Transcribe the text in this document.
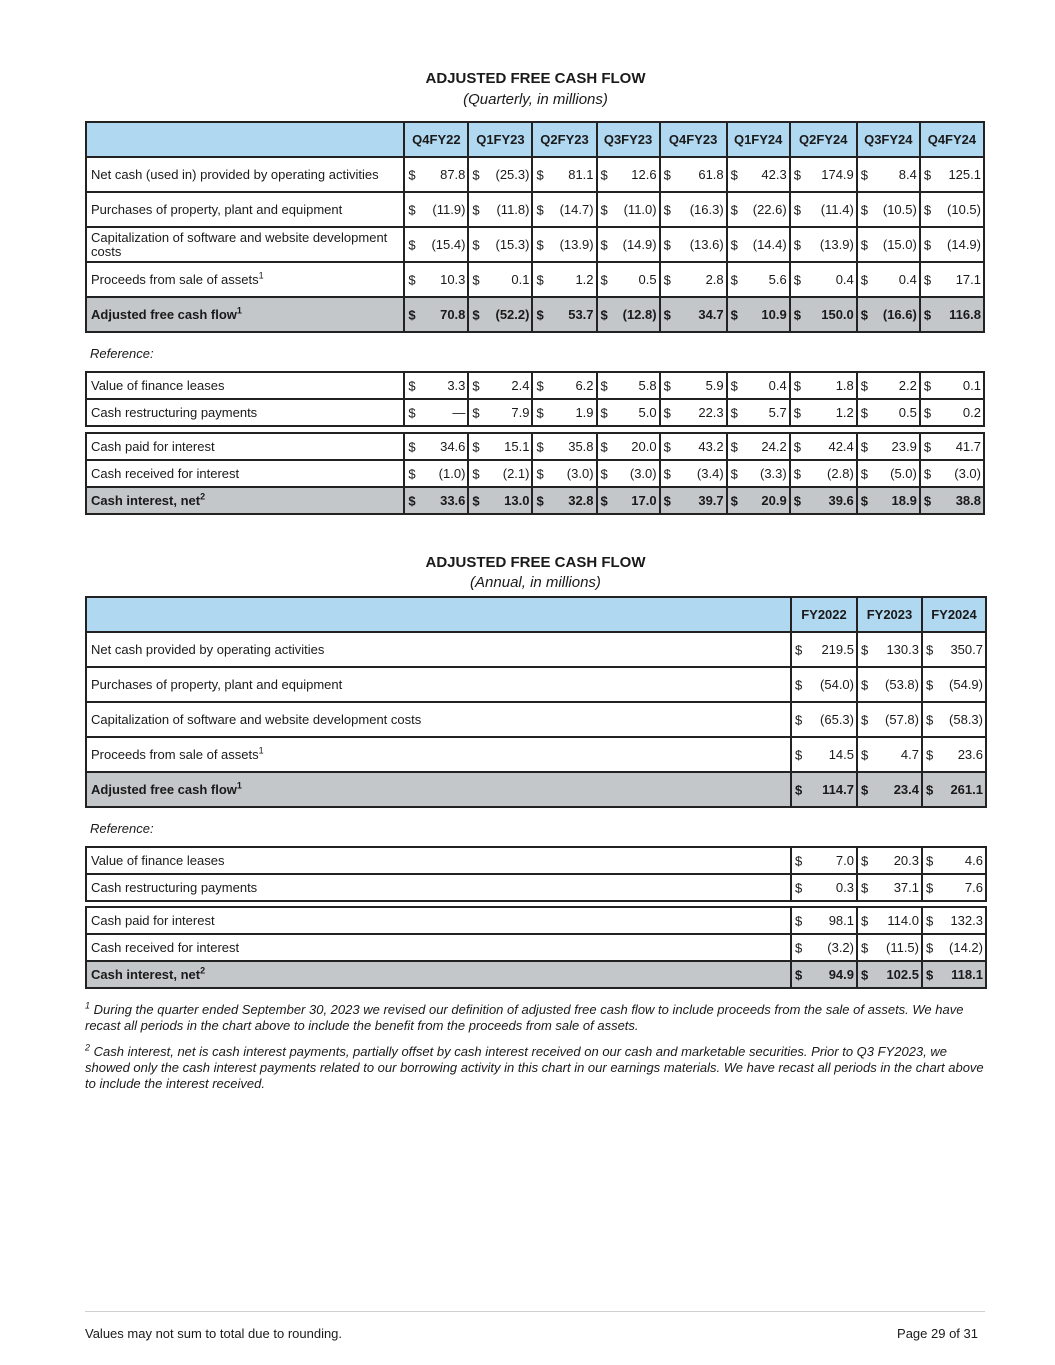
ADJUSTED FREE CASH FLOW
(Quarterly, in millions)
	Q4FY22	Q1FY23	Q2FY23	Q3FY23	Q4FY23	Q1FY24	Q2FY24	Q3FY24	Q4FY24
Net cash (used in) provided by operating activities	$ 87.8	$ (25.3)	$ 81.1	$ 12.6	$ 61.8	$ 42.3	$ 174.9	$ 8.4	$ 125.1

Purchases of property, plant and equipment	$ (11.9)	$ (11.8)	$ (14.7)	$ (11.0)	$ (16.3)	$ (22.6)	$ (11.4)	$ (10.5)	$ (10.5)

Capitalization of software and website development costs	$ (15.4)	$ (15.3)	$ (13.9)	$ (14.9)	$ (13.6)	$ (14.4)	$ (13.9)	$ (15.0)	$ (14.9)

Proceeds from sale of assets$^1$	$ 10.3	$ 0.1	$ 1.2	$ 0.5	$ 2.8	$ 5.6	$ 0.4	$ 0.4	$ 17.1

Adjusted free cash flow$^1$	$ 70.8	$ (52.2)	$ 53.7	$ (12.8)	$ 34.7	$ 10.9	$ 150.0	$ (16.6)	$ 116.8
Reference:
Value of finance leases	$ 3.3	$ 2.4	$ 6.2	$ 5.8	$ 5.9	$ 0.4	$ 1.8	$ 2.2	$ 0.1

Cash restructuring payments	$ —	$ 7.9	$ 1.9	$ 5.0	$ 22.3	$ 5.7	$ 1.2	$ 0.5	$ 0.2
Cash paid for interest	$ 34.6	$ 15.1	$ 35.8	$ 20.0	$ 43.2	$ 24.2	$ 42.4	$ 23.9	$ 41.7

Cash received for interest	$ (1.0)	$ (2.1)	$ (3.0)	$ (3.0)	$ (3.4)	$ (3.3)	$ (2.8)	$ (5.0)	$ (3.0)

Cash interest, net$^2$	$ 33.6	$ 13.0	$ 32.8	$ 17.0	$ 39.7	$ 20.9	$ 39.6	$ 18.9	$ 38.8
ADJUSTED FREE CASH FLOW
(Annual, in millions)
	FY2022	FY2023	FY2024
Net cash provided by operating activities	$ 219.5	$ 130.3	$ 350.7

Purchases of property, plant and equipment	$ (54.0)	$ (53.8)	$ (54.9)

Capitalization of software and website development costs	$ (65.3)	$ (57.8)	$ (58.3)

Proceeds from sale of assets$^1$	$ 14.5	$ 4.7	$ 23.6

Adjusted free cash flow$^1$	$ 114.7	$ 23.4	$ 261.1
Reference:
Value of finance leases	$ 7.0	$ 20.3	$ 4.6

Cash restructuring payments	$ 0.3	$ 37.1	$ 7.6
Cash paid for interest	$ 98.1	$ 114.0	$ 132.3

Cash received for interest	$ (3.2)	$ (11.5)	$ (14.2)

Cash interest, net$^2$	$ 94.9	$ 102.5	$ 118.1
$^1$ During the quarter ended September 30, 2023 we revised our definition of adjusted free cash flow to include proceeds from the sale of assets. We have recast all periods in the chart above to include the benefit from the proceeds from sale of assets.
$^2$ Cash interest, net is cash interest payments, partially offset by cash interest received on our cash and marketable securities. Prior to Q3 FY2023, we showed only the cash interest payments related to our borrowing activity in this chart in our earnings materials. We have recast all periods in the chart above to include the interest received.
Values may not sum to total due to rounding.	Page 29 of 31
